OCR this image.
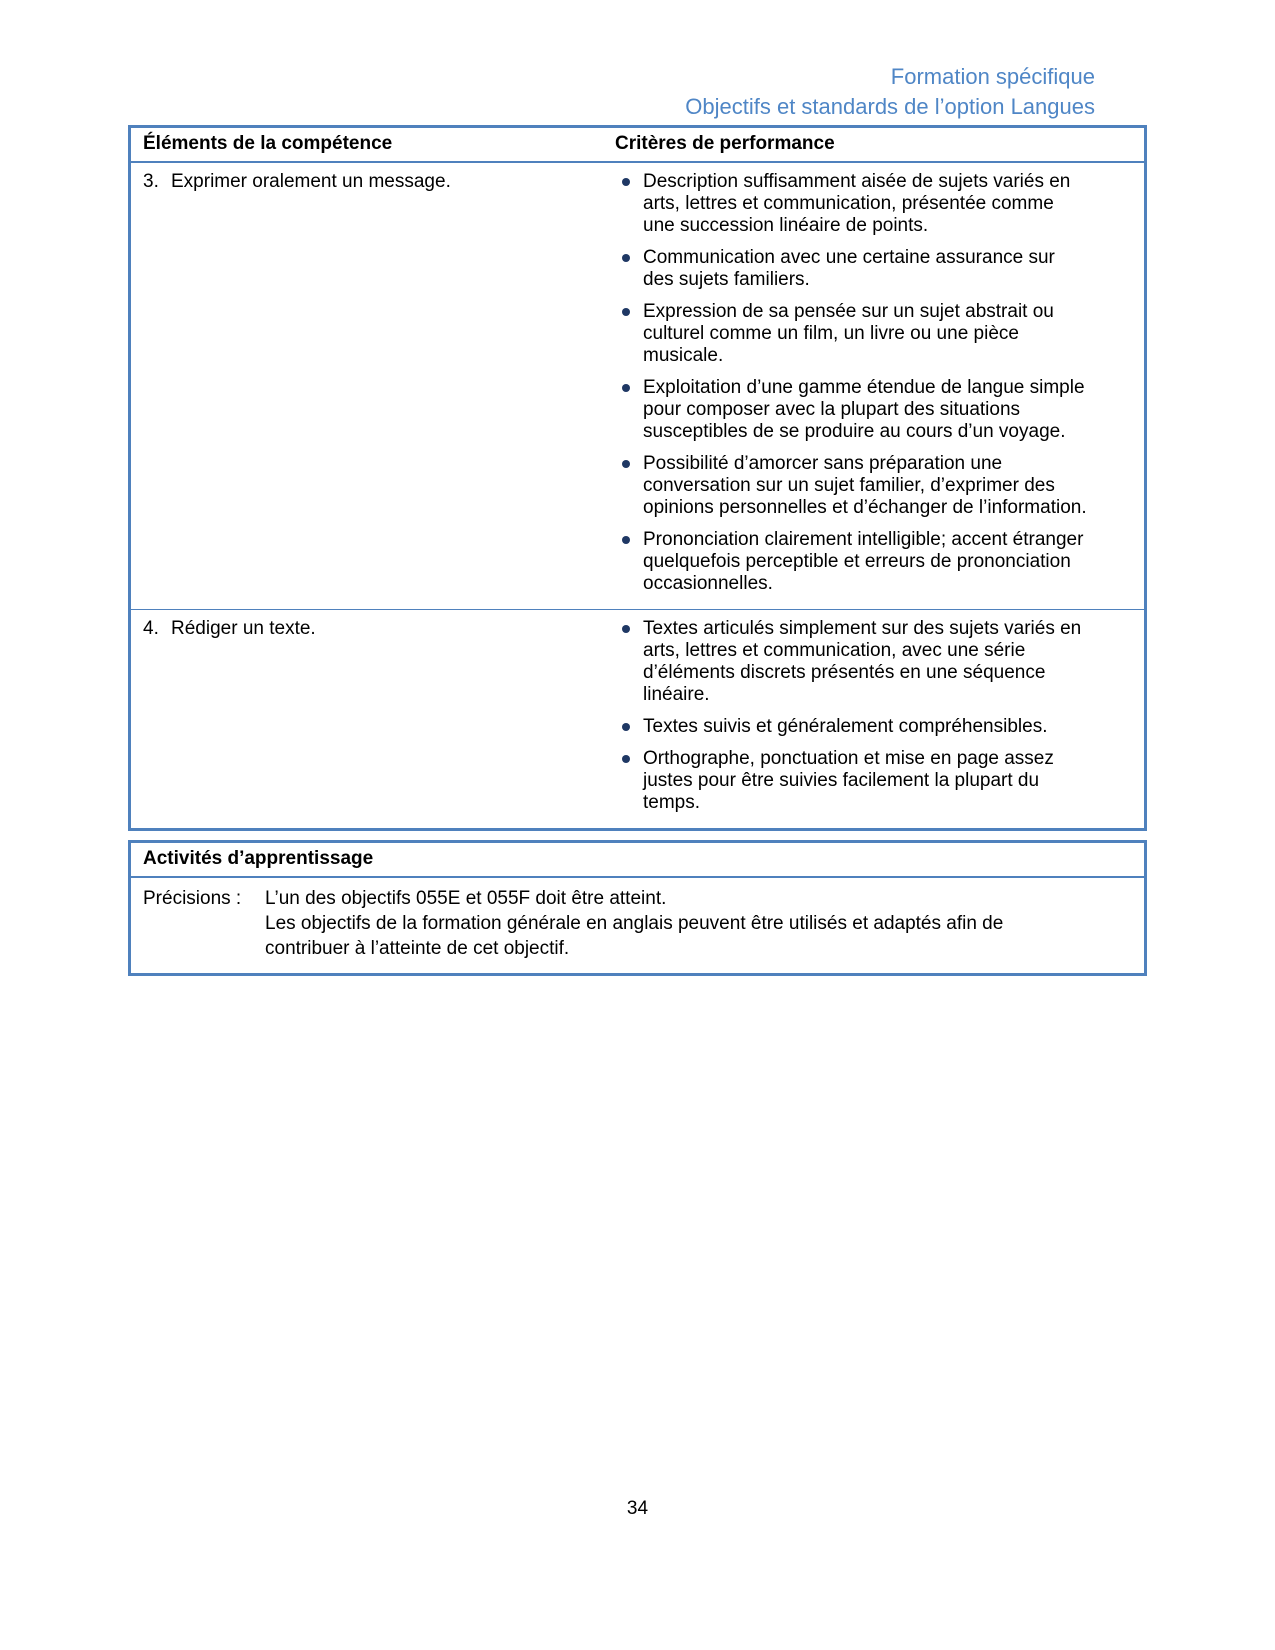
Formation spécifique
Objectifs et standards de l’option Langues
Éléments de la compétence	Critères de performance
3. Exprimer oralement un message.	Description suffisamment aisée de sujets variés en arts, lettres et communication, présentée comme une succession linéaire de points.
Communication avec une certaine assurance sur des sujets familiers.
Expression de sa pensée sur un sujet abstrait ou culturel comme un film, un livre ou une pièce musicale.
Exploitation d’une gamme étendue de langue simple pour composer avec la plupart des situations susceptibles de se produire au cours d’un voyage.
Possibilité d’amorcer sans préparation une conversation sur un sujet familier, d’exprimer des opinions personnelles et d’échanger de l’information.
Prononciation clairement intelligible; accent étranger quelquefois perceptible et erreurs de prononciation occasionnelles.
4. Rédiger un texte.	Textes articulés simplement sur des sujets variés en arts, lettres et communication, avec une série d’éléments discrets présentés en une séquence linéaire.
Textes suivis et généralement compréhensibles.
Orthographe, ponctuation et mise en page assez justes pour être suivies facilement la plupart du temps.
Activités d’apprentissage
Précisions :	L’un des objectifs 055E et 055F doit être atteint.

Les objectifs de la formation générale en anglais peuvent être utilisés et adaptés afin de contribuer à l’atteinte de cet objectif.

34
